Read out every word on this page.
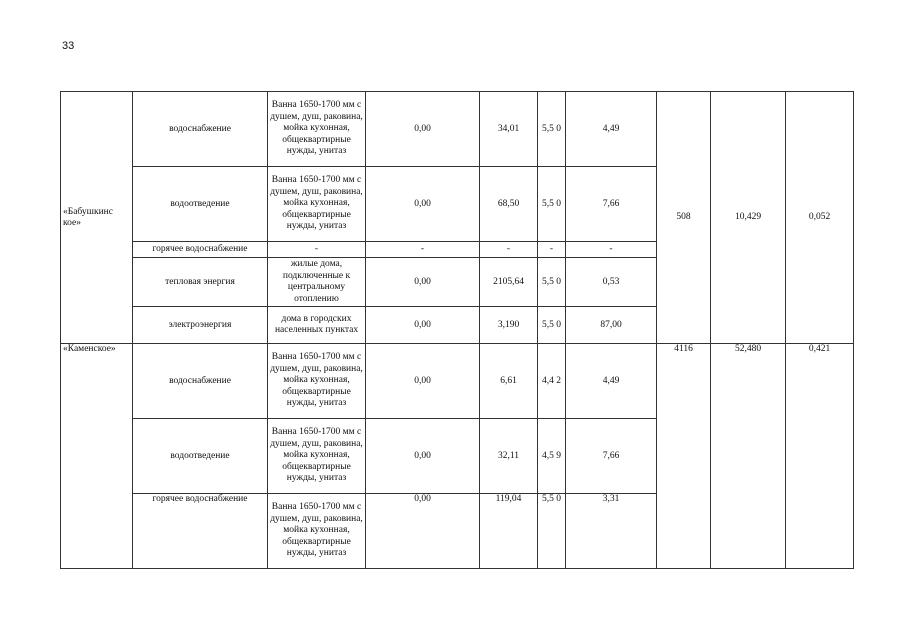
33
«Бабушкинс кое»	водоснабжение	Ванна 1650-1700 мм с душем, душ, раковина, мойка кухонная, общеквартирные нужды, унитаз	0,00	34,01	5,5 0	4,49	508	10,429	0,052
	водоотведение	Ванна 1650-1700 мм с душем, душ, раковина, мойка кухонная, общеквартирные нужды, унитаз	0,00	68,50	5,5 0	7,66			
	горячее водоснабжение	-	-	-	-	-			
	тепловая энергия	жилые дома, подключенные к центральному отоплению	0,00	2105,64	5,5 0	0,53			
	электроэнергия	дома в городских населенных пунктах	0,00	3,190	5,5 0	87,00			
«Каменское»	водоснабжение	Ванна 1650-1700 мм с душем, душ, раковина, мойка кухонная, общеквартирные нужды, унитаз	0,00	6,61	4,4 2	4,49	4116	52,480	0,421
	водоотведение	Ванна 1650-1700 мм с душем, душ, раковина, мойка кухонная, общеквартирные нужды, унитаз	0,00	32,11	4,5 9	7,66			
	горячее водоснабжение	Ванна 1650-1700 мм с душем, душ, раковина, мойка кухонная, общеквартирные нужды, унитаз	0,00	119,04	5,5 0	3,31			
